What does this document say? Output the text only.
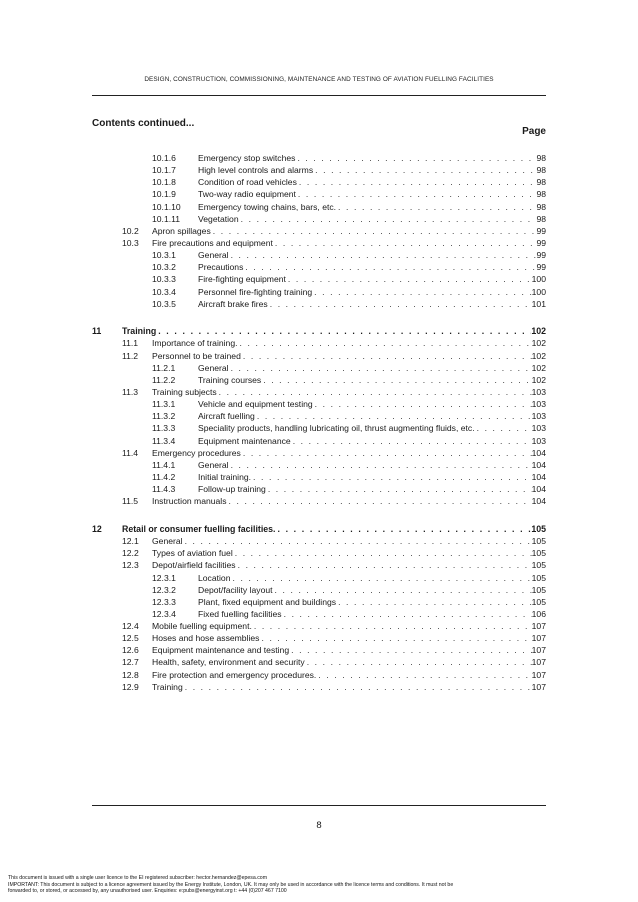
DESIGN, CONSTRUCTION, COMMISSIONING, MAINTENANCE AND TESTING OF AVIATION FUELLING FACILITIES
Contents continued...
Page
10.1.6	Emergency stop switches . . .	98
10.1.7	High level controls and alarms . . .	98
10.1.8	Condition of road vehicles . . .	98
10.1.9	Two-way radio equipment . . .	98
10.1.10 Emergency towing chains, bars, etc. . . .	98
10.1.11 Vegetation . . .	98
10.2 Apron spillages . . .	99
10.3 Fire precautions and equipment . . .	99
10.3.1	General . . .	99
10.3.2	Precautions . . .	99
10.3.3	Fire-fighting equipment . . .	100
10.3.4	Personnel fire-fighting training . . .	100
10.3.5	Aircraft brake fires . . .	101
11 Training . . .	102
11.1 Importance of training. . . .	102
11.2 Personnel to be trained . . .	102
11.2.1	General . . .	102
11.2.2	Training courses . . .	102
11.3 Training subjects . . .	103
11.3.1	Vehicle and equipment testing . . .	103
11.3.2	Aircraft fuelling . . .	103
11.3.3	Speciality products, handling lubricating oil, thrust augmenting fluids, etc. . . .	103
11.3.4	Equipment maintenance . . .	103
11.4 Emergency procedures . . .	104
11.4.1	General . . .	104
11.4.2	Initial training. . . .	104
11.4.3	Follow-up training . . .	104
11.5 Instruction manuals . . .	104
12 Retail or consumer fuelling facilities. . . .	105
12.1 General . . .	105
12.2 Types of aviation fuel . . .	105
12.3 Depot/airfield facilities . . .	105
12.3.1	Location . . .	105
12.3.2	Depot/facility layout . . .	105
12.3.3	Plant, fixed equipment and buildings . . .	105
12.3.4	Fixed fuelling facilities . . .	106
12.4 Mobile fuelling equipment. . . .	107
12.5 Hoses and hose assemblies . . .	107
12.6 Equipment maintenance and testing . . .	107
12.7 Health, safety, environment and security . . .	107
12.8 Fire protection and emergency procedures. . . .	107
12.9 Training . . .	107
8
This document is issued with a single user licence to the EI registered subscriber: hector.hernandez@epesa.com
IMPORTANT: This document is subject to a licence agreement issued by the Energy Institute, London, UK. It may only be used in accordance with the licence terms and conditions. It must not be
forwarded to, or stored, or accessed by, any unauthorised user. Enquiries: e:pubs@energyinst.org t: +44 (0)207 467 7100
